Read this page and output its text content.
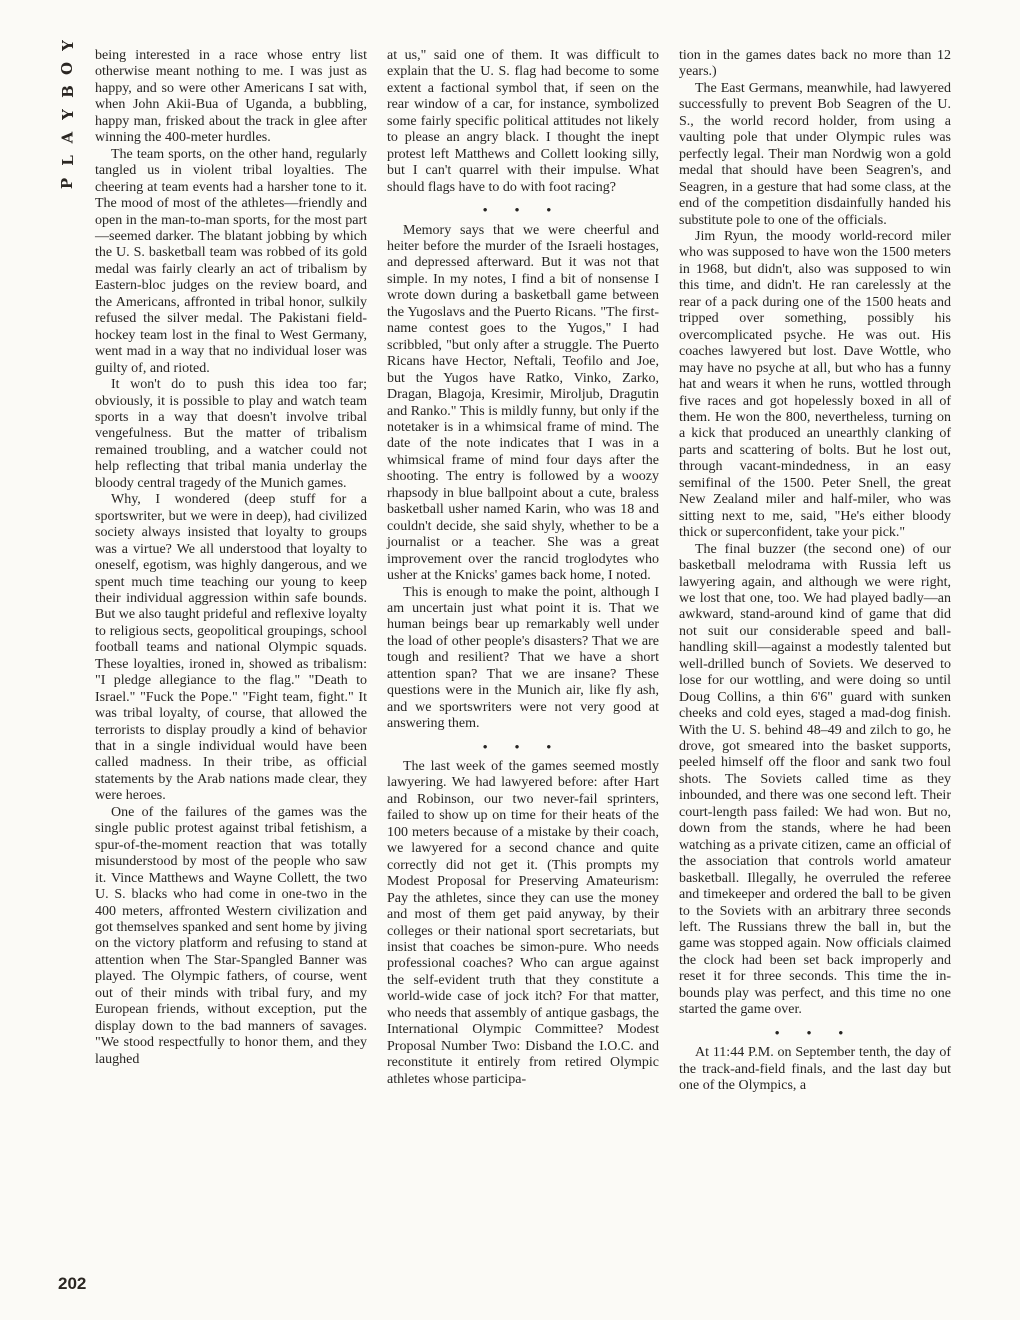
Y
O
B
Y
A
L
P
202

being interested in a race whose entry list otherwise meant nothing to me. I was just as happy, and so were other Americans I sat with, when John Akii-Bua of Uganda, a bubbling, happy man, frisked about the track in glee after winning the 400-meter hurdles.

The team sports, on the other hand, regularly tangled us in violent tribal loyalties. The cheering at team events had a harsher tone to it. The mood of most of the athletes—friendly and open in the man-to-man sports, for the most part—seemed darker. The blatant jobbing by which the U. S. basketball team was robbed of its gold medal was fairly clearly an act of tribalism by Eastern-bloc judges on the review board, and the Americans, affronted in tribal honor, sulkily refused the silver medal. The Pakistani field-hockey team lost in the final to West Germany, went mad in a way that no individual loser was guilty of, and rioted.

It won't do to push this idea too far; obviously, it is possible to play and watch team sports in a way that doesn't involve tribal vengefulness. But the matter of tribalism remained troubling, and a watcher could not help reflecting that tribal mania underlay the bloody central tragedy of the Munich games.

Why, I wondered (deep stuff for a sportswriter, but we were in deep), had civilized society always insisted that loyalty to groups was a virtue? We all understood that loyalty to oneself, egotism, was highly dangerous, and we spent much time teaching our young to keep their individual aggression within safe bounds. But we also taught prideful and reflexive loyalty to religious sects, geopolitical groupings, school football teams and national Olympic squads. These loyalties, ironed in, showed as tribalism: "I pledge allegiance to the flag." "Death to Israel." "Fuck the Pope." "Fight team, fight." It was tribal loyalty, of course, that allowed the terrorists to display proudly a kind of behavior that in a single individual would have been called madness. In their tribe, as official statements by the Arab nations made clear, they were heroes.

One of the failures of the games was the single public protest against tribal fetishism, a spur-of-the-moment reaction that was totally misunderstood by most of the people who saw it. Vince Matthews and Wayne Collett, the two U. S. blacks who had come in one-two in the 400 meters, affronted Western civilization and got themselves spanked and sent home by jiving on the victory platform and refusing to stand at attention when The Star-Spangled Banner was played. The Olympic fathers, of course, went out of their minds with tribal fury, and my European friends, without exception, put the display down to the bad manners of savages. "We stood respectfully to honor them, and they laughed

at us," said one of them. It was difficult to explain that the U. S. flag had become to some extent a factional symbol that, if seen on the rear window of a car, for instance, symbolized some fairly specific political attitudes not likely to please an angry black. I thought the inept protest left Matthews and Collett looking silly, but I can't quarrel with their impulse. What should flags have to do with foot racing?

• • •

Memory says that we were cheerful and heiter before the murder of the Israeli hostages, and depressed afterward. But it was not that simple. In my notes, I find a bit of nonsense I wrote down during a basketball game between the Yugoslavs and the Puerto Ricans. "The first-name contest goes to the Yugos," I had scribbled, "but only after a struggle. The Puerto Ricans have Hector, Neftali, Teofilo and Joe, but the Yugos have Ratko, Vinko, Zarko, Dragan, Blagoja, Kresimir, Miroljub, Dragutin and Ranko." This is mildly funny, but only if the notetaker is in a whimsical frame of mind. The date of the note indicates that I was in a whimsical frame of mind four days after the shooting. The entry is followed by a woozy rhapsody in blue ballpoint about a cute, braless basketball usher named Karin, who was 18 and couldn't decide, she said shyly, whether to be a journalist or a teacher. She was a great improvement over the rancid troglodytes who usher at the Knicks' games back home, I noted.

This is enough to make the point, although I am uncertain just what point it is. That we human beings bear up remarkably well under the load of other people's disasters? That we are tough and resilient? That we have a short attention span? That we are insane? These questions were in the Munich air, like fly ash, and we sportswriters were not very good at answering them.

• • •

The last week of the games seemed mostly lawyering. We had lawyered before: after Hart and Robinson, our two never-fail sprinters, failed to show up on time for their heats of the 100 meters because of a mistake by their coach, we lawyered for a second chance and quite correctly did not get it. (This prompts my Modest Proposal for Preserving Amateurism: Pay the athletes, since they can use the money and most of them get paid anyway, by their colleges or their national sport secretariats, but insist that coaches be simon-pure. Who needs professional coaches? Who can argue against the self-evident truth that they constitute a world-wide case of jock itch? For that matter, who needs that assembly of antique gasbags, the International Olympic Committee? Modest Proposal Number Two: Disband the I.O.C. and reconstitute it entirely from retired Olympic athletes whose participa-

tion in the games dates back no more than 12 years.)

The East Germans, meanwhile, had lawyered successfully to prevent Bob Seagren of the U. S., the world record holder, from using a vaulting pole that under Olympic rules was perfectly legal. Their man Nordwig won a gold medal that should have been Seagren's, and Seagren, in a gesture that had some class, at the end of the competition disdainfully handed his substitute pole to one of the officials.

Jim Ryun, the moody world-record miler who was supposed to have won the 1500 meters in 1968, but didn't, also was supposed to win this time, and didn't. He ran carelessly at the rear of a pack during one of the 1500 heats and tripped over something, possibly his overcomplicated psyche. He was out. His coaches lawyered but lost. Dave Wottle, who may have no psyche at all, but who has a funny hat and wears it when he runs, wottled through five races and got hopelessly boxed in all of them. He won the 800, nevertheless, turning on a kick that produced an unearthly clanking of parts and scattering of bolts. But he lost out, through vacant-mindedness, in an easy semifinal of the 1500. Peter Snell, the great New Zealand miler and half-miler, who was sitting next to me, said, "He's either bloody thick or superconfident, take your pick."

The final buzzer (the second one) of our basketball melodrama with Russia left us lawyering again, and although we were right, we lost that one, too. We had played badly—an awkward, stand-around kind of game that did not suit our considerable speed and ball-handling skill—against a modestly talented but well-drilled bunch of Soviets. We deserved to lose for our wottling, and were doing so until Doug Collins, a thin 6'6" guard with sunken cheeks and cold eyes, staged a mad-dog finish. With the U. S. behind 48–49 and zilch to go, he drove, got smeared into the basket supports, peeled himself off the floor and sank two foul shots. The Soviets called time as they inbounded, and there was one second left. Their court-length pass failed: We had won. But no, down from the stands, where he had been watching as a private citizen, came an official of the association that controls world amateur basketball. Illegally, he overruled the referee and timekeeper and ordered the ball to be given to the Soviets with an arbitrary three seconds left. The Russians threw the ball in, but the game was stopped again. Now officials claimed the clock had been set back improperly and reset it for three seconds. This time the in-bounds play was perfect, and this time no one started the game over.

• • •

At 11:44 P.M. on September tenth, the day of the track-and-field finals, and the last day but one of the Olympics, a
